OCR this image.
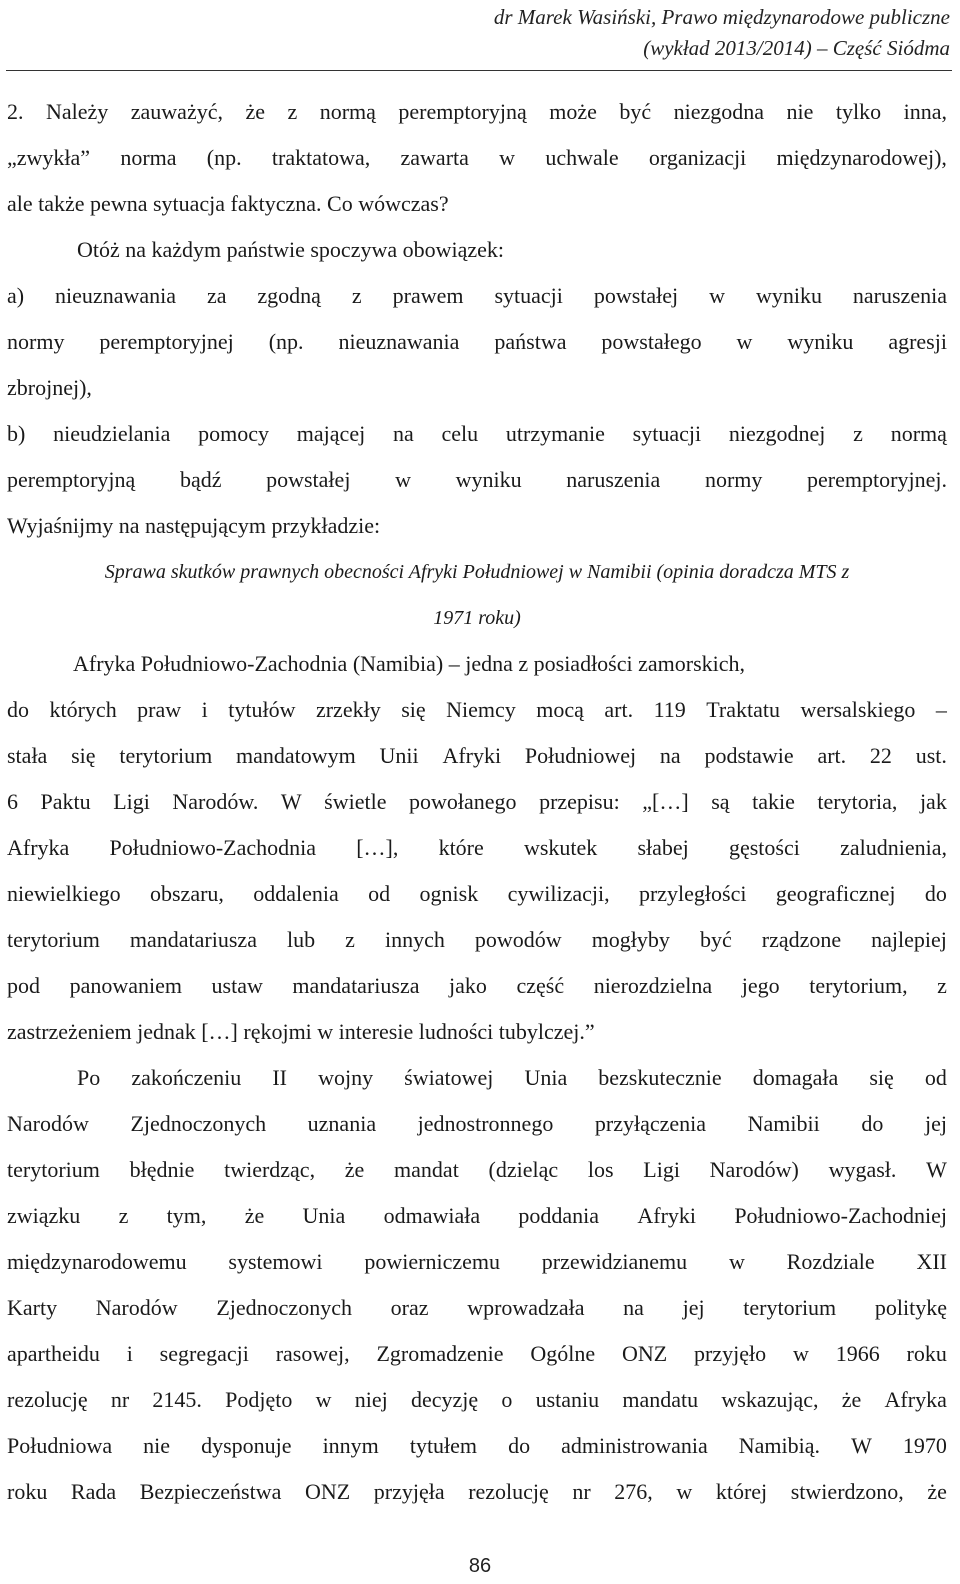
dr Marek Wasiński, Prawo międzynarodowe publiczne
(wykład 2013/2014) – Część Siódma
2. Należy zauważyć, że z normą peremptoryjną może być niezgodna nie tylko inna,
„zwykła” norma (np. traktatowa, zawarta w uchwale organizacji międzynarodowej),
ale także pewna sytuacja faktyczna. Co wówczas?
Otóż na każdym państwie spoczywa obowiązek:
a) nieuznawania za zgodną z prawem sytuacji powstałej w wyniku naruszenia
normy peremptoryjnej (np. nieuznawania państwa powstałego w wyniku agresji
zbrojnej),
b) nieudzielania pomocy mającej na celu utrzymanie sytuacji niezgodnej z normą
peremptoryjną bądź powstałej w wyniku naruszenia normy peremptoryjnej.
Wyjaśnijmy na następującym przykładzie:
Sprawa skutków prawnych obecności Afryki Południowej w Namibii (opinia doradcza MTS z
1971 roku)
Afryka Południowo-Zachodnia (Namibia) – jedna z posiadłości zamorskich,
do których praw i tytułów zrzekły się Niemcy mocą art. 119 Traktatu wersalskiego –
stała się terytorium mandatowym Unii Afryki Południowej na podstawie art. 22 ust.
6 Paktu Ligi Narodów. W świetle powołanego przepisu: „[…] są takie terytoria, jak
Afryka Południowo-Zachodnia […], które wskutek słabej gęstości zaludnienia,
niewielkiego obszaru, oddalenia od ognisk cywilizacji, przyległości geograficznej do
terytorium mandatariusza lub z innych powodów mogłyby być rządzone najlepiej
pod panowaniem ustaw mandatariusza jako część nierozdzielna jego terytorium, z
zastrzeżeniem jednak […] rękojmi w interesie ludności tubylczej.”
Po zakończeniu II wojny światowej Unia bezskutecznie domagała się od
Narodów Zjednoczonych uznania jednostronnego przyłączenia Namibii do jej
terytorium błędnie twierdząc, że mandat (dzieląc los Ligi Narodów) wygasł. W
związku z tym, że Unia odmawiała poddania Afryki Południowo-Zachodniej
międzynarodowemu systemowi powierniczemu przewidzianemu w Rozdziale XII
Karty Narodów Zjednoczonych oraz wprowadzała na jej terytorium politykę
apartheidu i segregacji rasowej, Zgromadzenie Ogólne ONZ przyjęło w 1966 roku
rezolucję nr 2145. Podjęto w niej decyzję o ustaniu mandatu wskazując, że Afryka
Południowa nie dysponuje innym tytułem do administrowania Namibią. W 1970
roku Rada Bezpieczeństwa ONZ przyjęła rezolucję nr 276, w której stwierdzono, że
86
